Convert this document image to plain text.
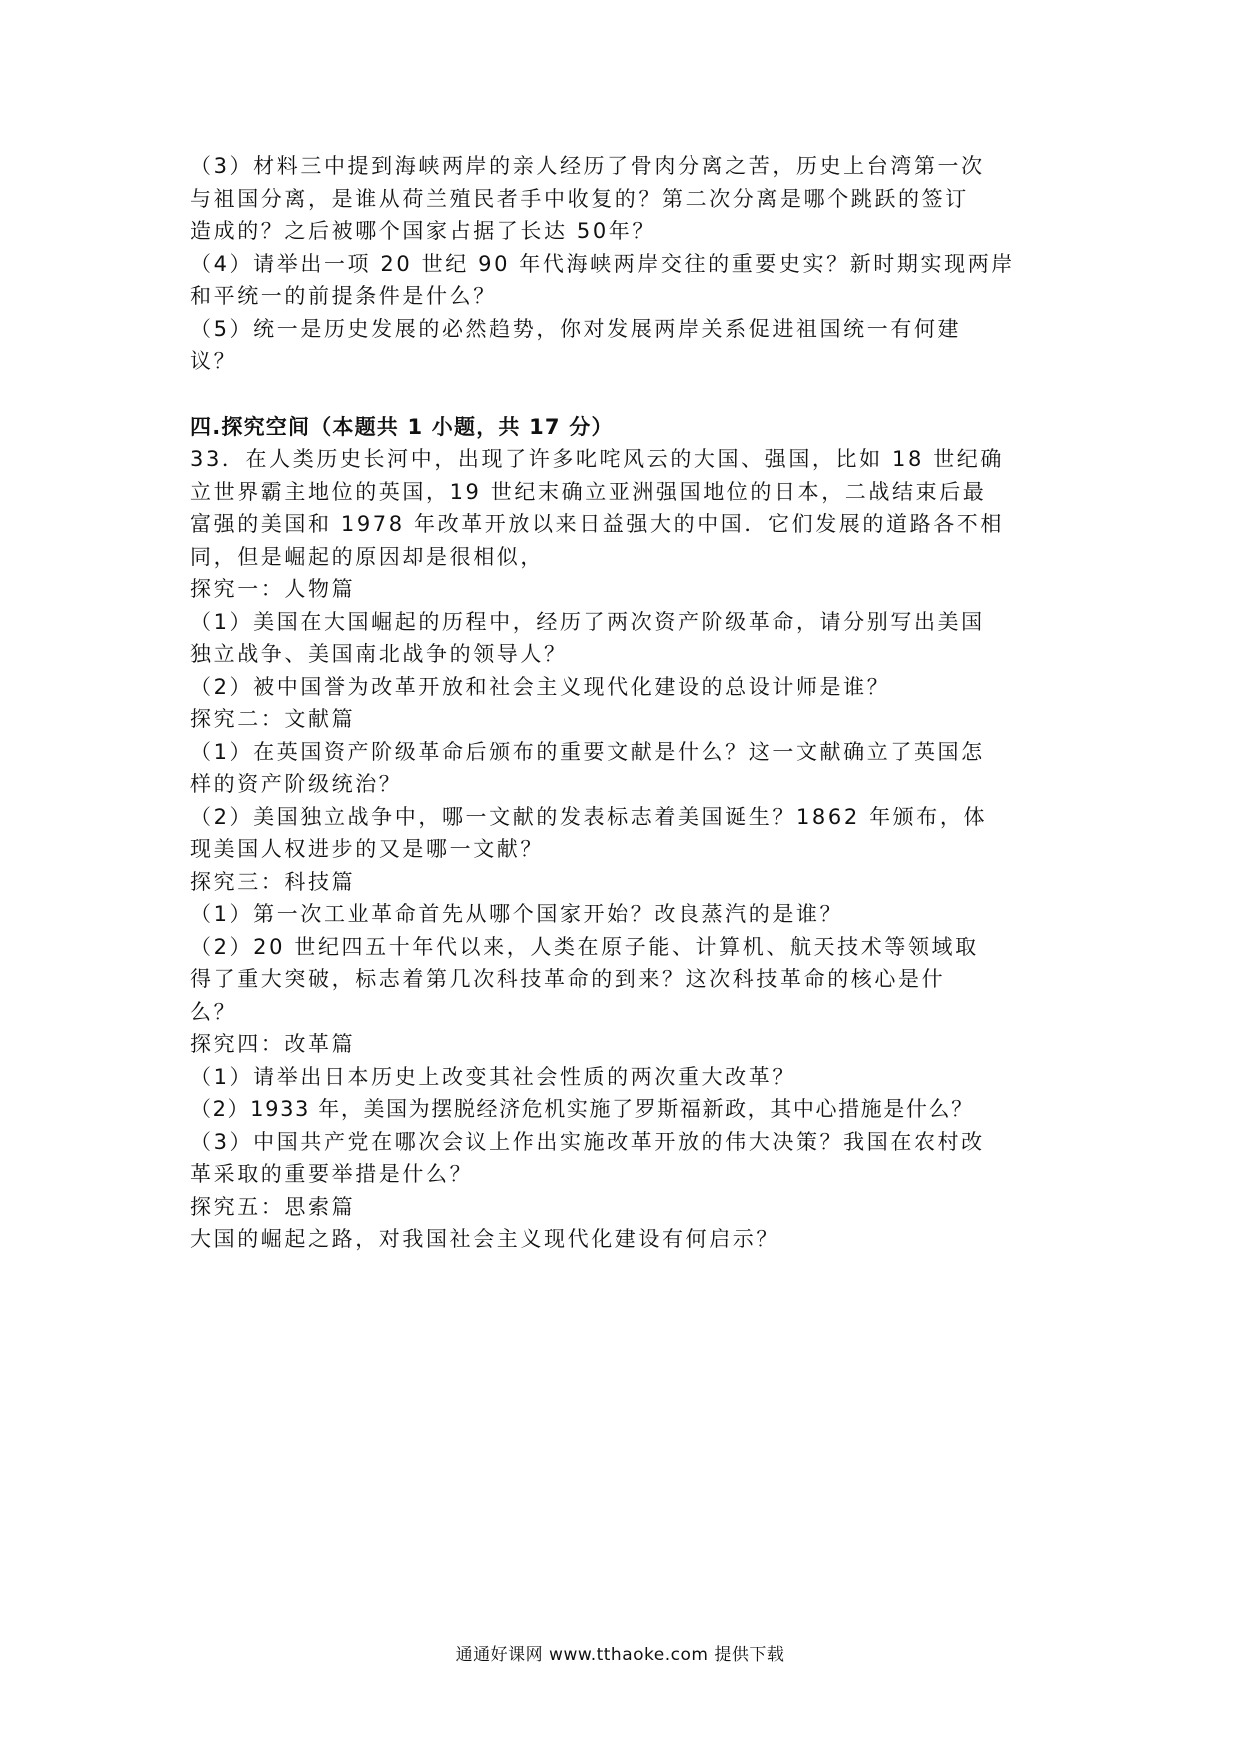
（3）材料三中提到海峡两岸的亲人经历了骨肉分离之苦，历史上台湾第一次
与祖国分离，是谁从荷兰殖民者手中收复的？第二次分离是哪个跳跃的签订
造成的？之后被哪个国家占据了长达 50年？
（4）请举出一项 20 世纪 90 年代海峡两岸交往的重要史实？新时期实现两岸
和平统一的前提条件是什么？
（5）统一是历史发展的必然趋势，你对发展两岸关系促进祖国统一有何建
议？
四.探究空间（本题共 1 小题，共 17 分）
33．在人类历史长河中，出现了许多叱咤风云的大国、强国，比如 18 世纪确
立世界霸主地位的英国，19 世纪末确立亚洲强国地位的日本，二战结束后最
富强的美国和 1978 年改革开放以来日益强大的中国．它们发展的道路各不相
同，但是崛起的原因却是很相似，
探究一：人物篇
（1）美国在大国崛起的历程中，经历了两次资产阶级革命，请分别写出美国
独立战争、美国南北战争的领导人？
（2）被中国誉为改革开放和社会主义现代化建设的总设计师是谁？
探究二：文献篇
（1）在英国资产阶级革命后颁布的重要文献是什么？这一文献确立了英国怎
样的资产阶级统治？
（2）美国独立战争中，哪一文献的发表标志着美国诞生？1862 年颁布，体
现美国人权进步的又是哪一文献？
探究三：科技篇
（1）第一次工业革命首先从哪个国家开始？改良蒸汽的是谁？
（2）20 世纪四五十年代以来，人类在原子能、计算机、航天技术等领域取
得了重大突破，标志着第几次科技革命的到来？这次科技革命的核心是什
么？
探究四：改革篇
（1）请举出日本历史上改变其社会性质的两次重大改革？
（2）1933 年，美国为摆脱经济危机实施了罗斯福新政，其中心措施是什么？
（3）中国共产党在哪次会议上作出实施改革开放的伟大决策？我国在农村改
革采取的重要举措是什么？
探究五：思索篇
大国的崛起之路，对我国社会主义现代化建设有何启示？
通通好课网 www.tthaoke.com 提供下载
